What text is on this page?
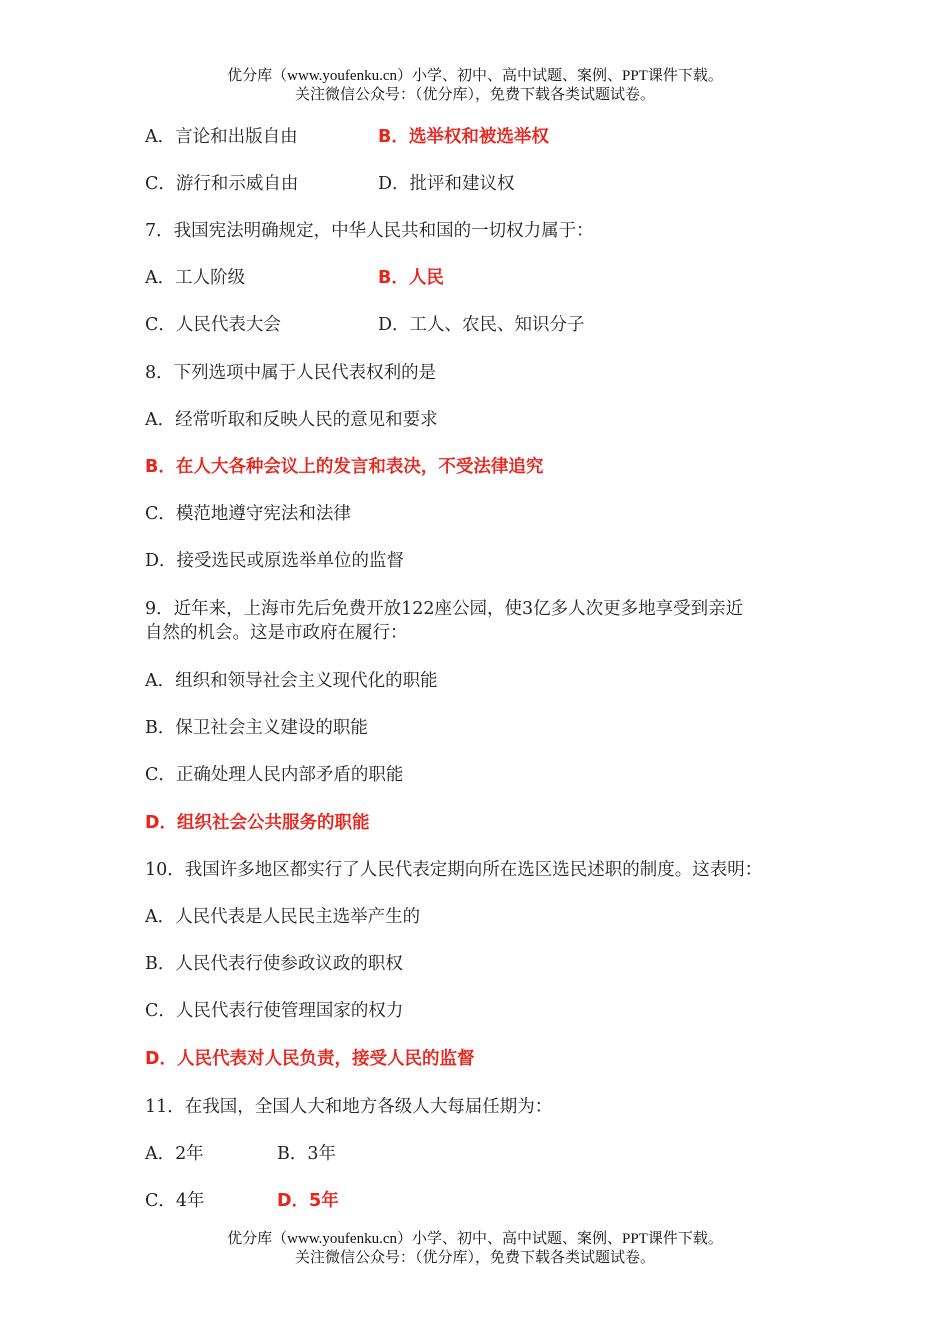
优分库（www.youfenku.cn）小学、初中、高中试题、案例、PPT课件下载。
关注微信公众号：（优分库），免费下载各类试题试卷。
A．言论和出版自由	B．选举权和被选举权
C．游行和示威自由	D．批评和建议权
7．我国宪法明确规定，中华人民共和国的一切权力属于：
A．工人阶级	B．人民
C．人民代表大会	D．工人、农民、知识分子
8．下列选项中属于人民代表权利的是
A．经常听取和反映人民的意见和要求
B．在人大各种会议上的发言和表决，不受法律追究
C．模范地遵守宪法和法律
D．接受选民或原选举单位的监督
9．近年来，上海市先后免费开放122座公园，使3亿多人次更多地享受到亲近
自然的机会。这是市政府在履行：
A．组织和领导社会主义现代化的职能
B．保卫社会主义建设的职能
C．正确处理人民内部矛盾的职能
D．组织社会公共服务的职能
10．我国许多地区都实行了人民代表定期向所在选区选民述职的制度。这表明：
A．人民代表是人民民主选举产生的
B．人民代表行使参政议政的职权
C．人民代表行使管理国家的权力
D．人民代表对人民负责，接受人民的监督
11．在我国，全国人大和地方各级人大每届任期为：
A．2年	B．3年
C．4年	D．5年
优分库（www.youfenku.cn）小学、初中、高中试题、案例、PPT课件下载。
关注微信公众号：（优分库），免费下载各类试题试卷。
